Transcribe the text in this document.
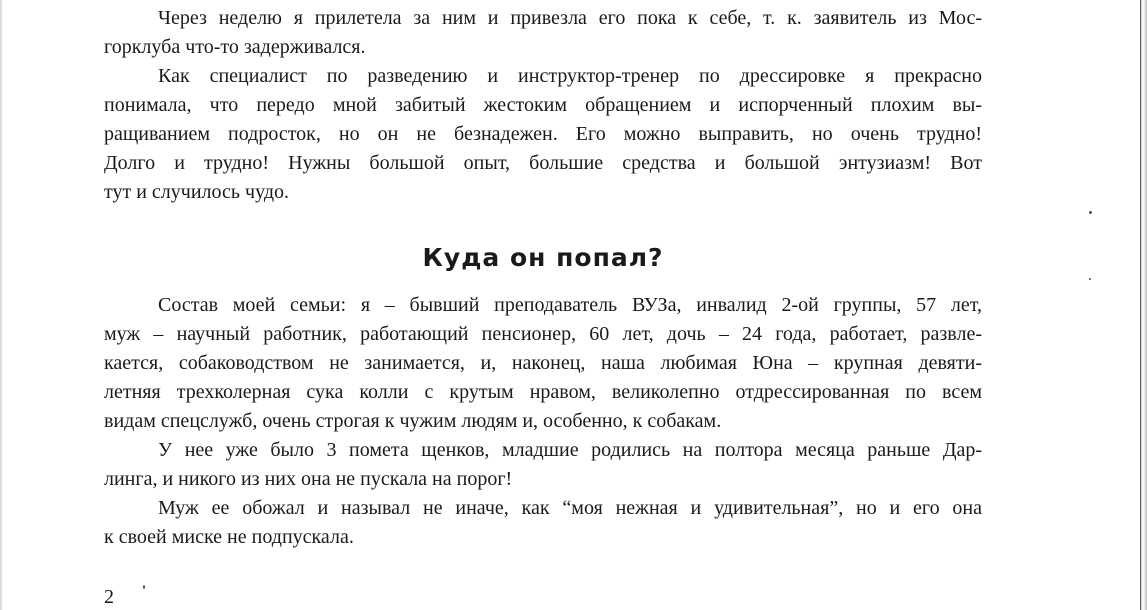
Через неделю я прилетела за ним и привезла его пока к себе, т. к. заявитель из Мос-
горклуба что-то задерживался.

Как специалист по разведению и инструктор-тренер по дрессировке я прекрасно
понимала, что передо мной забитый жестоким обращением и испорченный плохим вы-
ращиванием подросток, но он не безнадежен. Его можно выправить, но очень трудно!
Долго и трудно! Нужны большой опыт, большие средства и большой энтузиазм! Вот
тут и случилось чудо.

Куда он попал?

Состав моей семьи: я – бывший преподаватель ВУЗа, инвалид 2-ой группы, 57 лет,
муж – научный работник, работающий пенсионер, 60 лет, дочь – 24 года, работает, развле-
кается, собаководством не занимается, и, наконец, наша любимая Юна – крупная девяти-
летняя трехколерная сука колли с крутым нравом, великолепно отдрессированная по всем
видам спецслужб, очень строгая к чужим людям и, особенно, к собакам.

У нее уже было 3 помета щенков, младшие родились на полтора месяца раньше Дар-
линга, и никого из них она не пускала на порог!

Муж ее обожал и называл не иначе, как “моя нежная и удивительная”, но и его она
к своей миске не подпускала.

2
